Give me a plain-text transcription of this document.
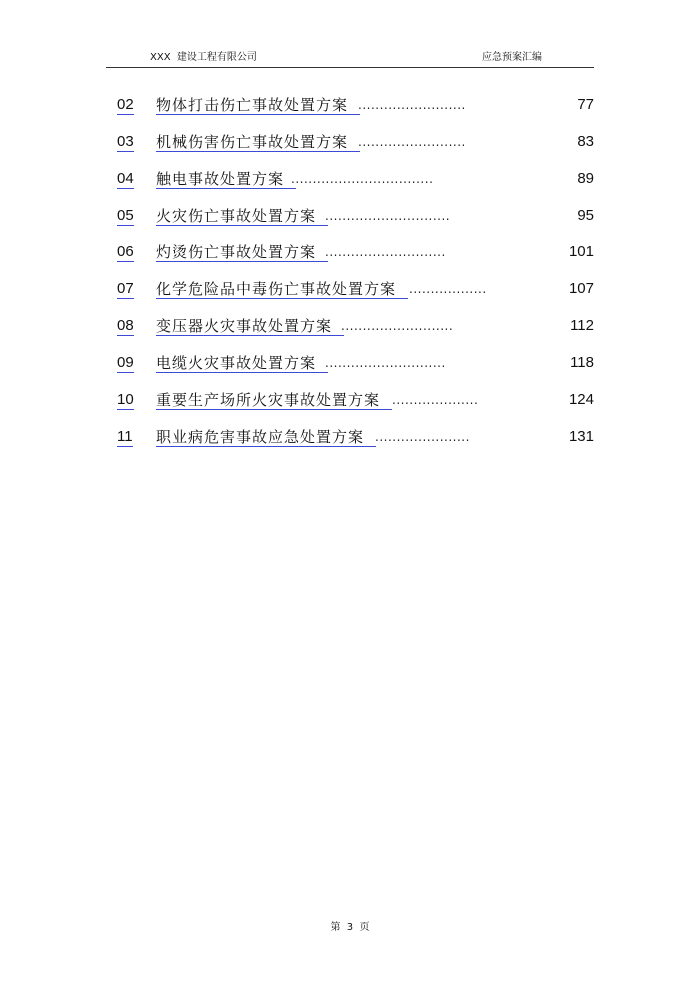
XXX  建设工程有限公司	应急预案汇编
02 物体打击伤亡事故处置方案 .........................	77
03 机械伤害伤亡事故处置方案 .........................	83
04 触电事故处置方案 .................................	89
05 火灾伤亡事故处置方案 .............................	95
06 灼烫伤亡事故处置方案 ............................	101
07 化学危险品中毒伤亡事故处置方案	..................	107
08 变压器火灾事故处置方案 ..........................	112
09 电缆火灾事故处置方案 ............................	118
10 重要生产场所火灾事故处置方案 ....................	124
11 职业病危害事故应急处置方案 ......................	131
第  3  页
